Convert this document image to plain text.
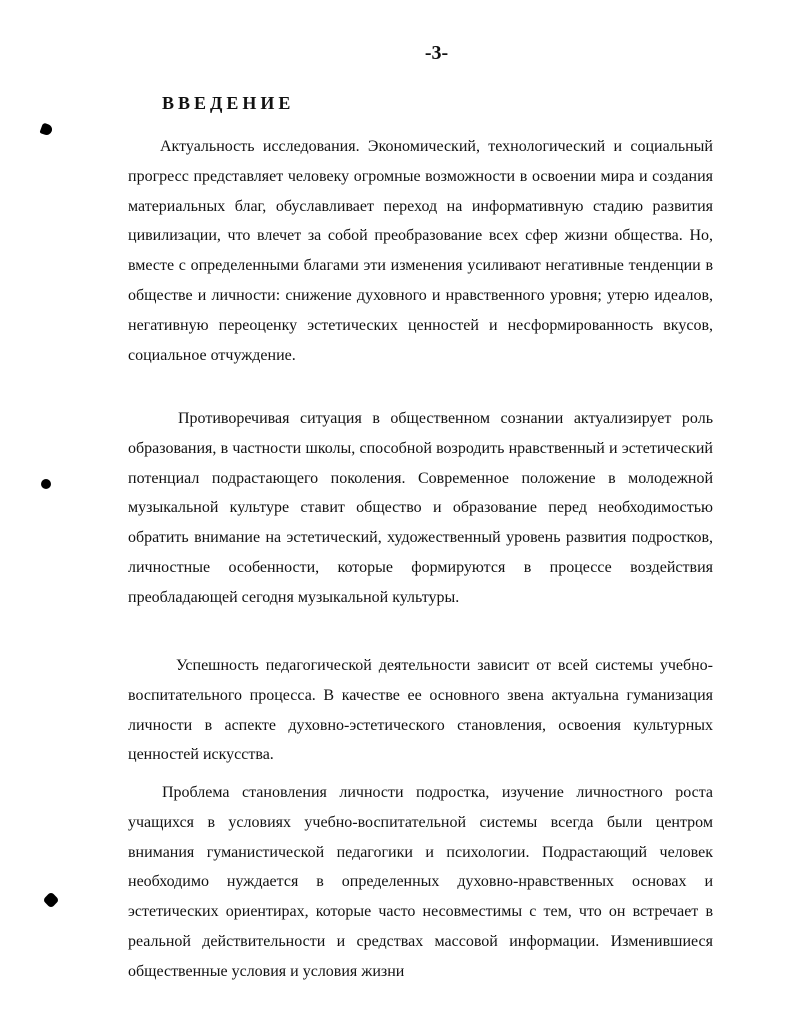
-3-
ВВЕДЕНИЕ

Актуальность исследования. Экономический, технологический и социальный прогресс представляет человеку огромные возможности в освоении мира и создания материальных благ, обуславливает переход на информативную стадию развития цивилизации, что влечет за собой преобразование всех сфер жизни общества. Но, вместе с определенными благами эти изменения усиливают негативные тенденции в обществе и личности: снижение духовного и нравственного уровня; утерю идеалов, негативную переоценку эстетических ценностей и несформированность вкусов, социальное отчуждение.

Противоречивая ситуация в общественном сознании актуализирует роль образования, в частности школы, способной возродить нравственный и эстетический потенциал подрастающего поколения. Современное положение в молодежной музыкальной культуре ставит общество и образование перед необходимостью обратить внимание на эстетический, художественный уровень развития подростков, личностные особенности, которые формируются в процессе воздействия преобладающей сегодня музыкальной культуры.

Успешность педагогической деятельности зависит от всей системы учебно-воспитательного процесса. В качестве ее основного звена актуальна гуманизация личности в аспекте духовно-эстетического становления, освоения культурных ценностей искусства.

Проблема становления личности подростка, изучение личностного роста учащихся в условиях учебно-воспитательной системы всегда были центром внимания гуманистической педагогики и психологии. Подрастающий человек необходимо нуждается в определенных духовно-нравственных основах и эстетических ориентирах, которые часто несовместимы с тем, что он встречает в реальной действительности и средствах массовой информации. Изменившиеся общественные условия и условия жизни
